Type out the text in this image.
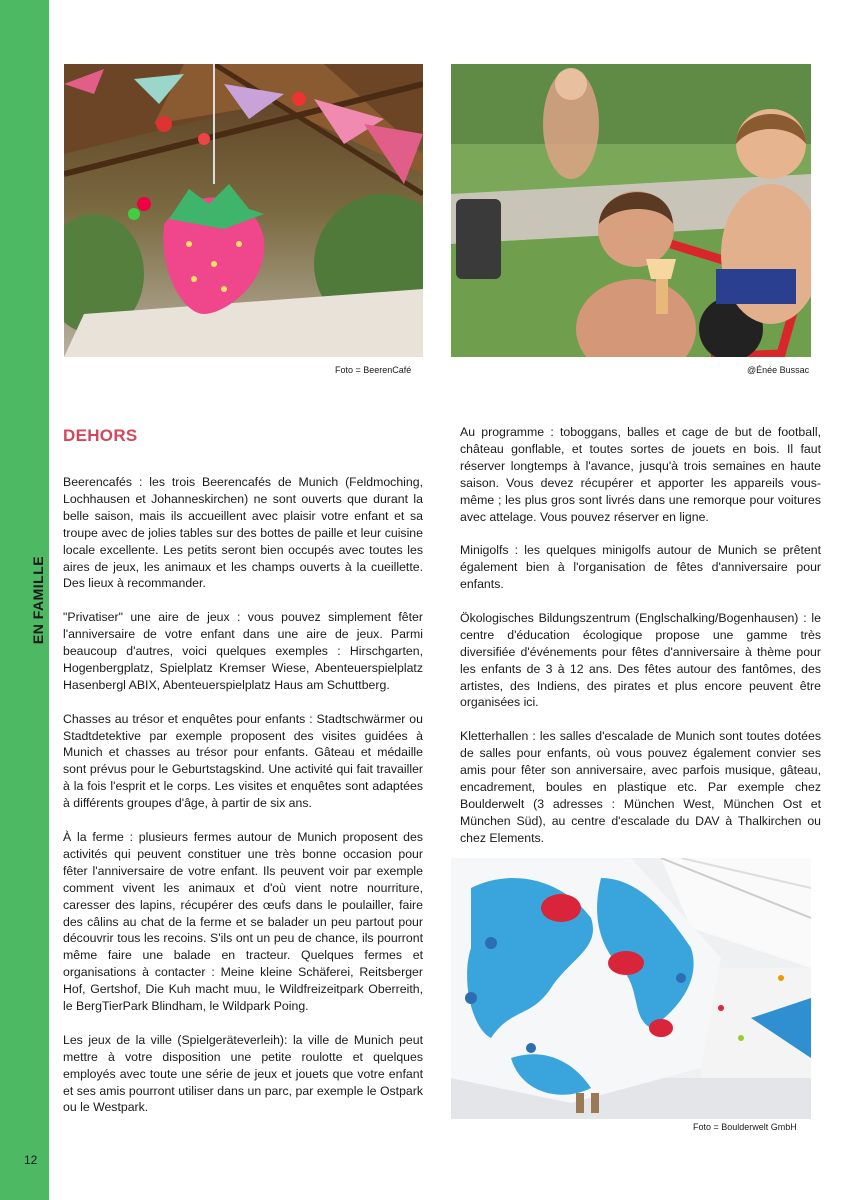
EN FAMILLE
12
Foto = BeerenCafé	@Énée Bussac
DEHORS

Beerencafés : les trois Beerencafés de Munich (Feldmoching, Lochhausen et Johanneskirchen) ne sont ouverts que durant la belle saison, mais ils accueillent avec plaisir votre enfant et sa troupe avec de jolies tables sur des bottes de paille et leur cuisine locale excellente. Les petits seront bien occupés avec toutes les aires de jeux, les animaux et les champs ouverts à la cueillette. Des lieux à recommander.

"Privatiser" une aire de jeux : vous pouvez simplement fêter l'anniversaire de votre enfant dans une aire de jeux. Parmi beaucoup d'autres, voici quelques exemples : Hirschgarten, Hogenbergplatz, Spielplatz Kremser Wiese, Abenteuerspielplatz Hasenbergl ABIX, Abenteuerspielplatz Haus am Schuttberg.

Chasses au trésor et enquêtes pour enfants : Stadtschwärmer ou Stadtdetektive par exemple proposent des visites guidées à Munich et chasses au trésor pour enfants. Gâteau et médaille sont prévus pour le Geburtstagskind. Une activité qui fait travailler à la fois l'esprit et le corps. Les visites et enquêtes sont adaptées à différents groupes d'âge, à partir de six ans.

À la ferme : plusieurs fermes autour de Munich proposent des activités qui peuvent constituer une très bonne occasion pour fêter l'anniversaire de votre enfant. Ils peuvent voir par exemple comment vivent les animaux et d'où vient notre nourriture, caresser des lapins, récupérer des œufs dans le poulailler, faire des câlins au chat de la ferme et se balader un peu partout pour découvrir tous les recoins. S'ils ont un peu de chance, ils pourront même faire une balade en tracteur. Quelques fermes et organisations à contacter : Meine kleine Schäferei, Reitsberger Hof, Gertshof, Die Kuh macht muu, le Wildfreizeitpark Oberreith, le BergTierPark Blindham, le Wildpark Poing.

Les jeux de la ville (Spielgeräteverleih): la ville de Munich peut mettre à votre disposition une petite roulotte et quelques employés avec toute une série de jeux et jouets que votre enfant et ses amis pourront utiliser dans un parc, par exemple le Ostpark ou le Westpark.

Au programme : toboggans, balles et cage de but de football, château gonflable, et toutes sortes de jouets en bois. Il faut réserver longtemps à l'avance, jusqu'à trois semaines en haute saison. Vous devez récupérer et apporter les appareils vous-même ; les plus gros sont livrés dans une remorque pour voitures avec attelage. Vous pouvez réserver en ligne.

Minigolfs : les quelques minigolfs autour de Munich se prêtent également bien à l'organisation de fêtes d'anniversaire pour enfants.

Ökologisches Bildungszentrum (Englschalking/Bogenhausen) : le centre d'éducation écologique propose une gamme très diversifiée d'événements pour fêtes d'anniversaire à thème pour les enfants de 3 à 12 ans. Des fêtes autour des fantômes, des artistes, des Indiens, des pirates et plus encore peuvent être organisées ici.

Kletterhallen : les salles d'escalade de Munich sont toutes dotées de salles pour enfants, où vous pouvez également convier ses amis pour fêter son anniversaire, avec parfois musique, gâteau, encadrement, boules en plastique etc. Par exemple chez Boulderwelt (3 adresses : München West, München Ost et München Süd), au centre d'escalade du DAV à Thalkirchen ou chez Elements.

Foto = Boulderwelt GmbH
